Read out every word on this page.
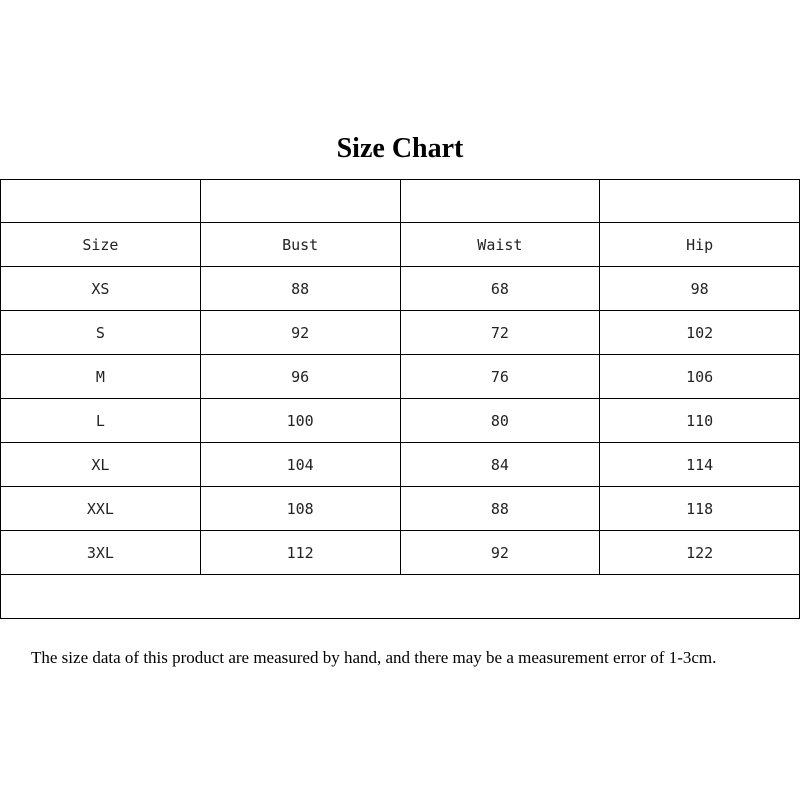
Size Chart

Size	Bust	Waist	Hip
XS	88	68	98
S	92	72	102
M	96	76	106
L	100	80	110
XL	104	84	114
XXL	108	88	118
3XL	112	92	122

The size data of this product are measured by hand, and there may be a measurement error of 1-3cm.
